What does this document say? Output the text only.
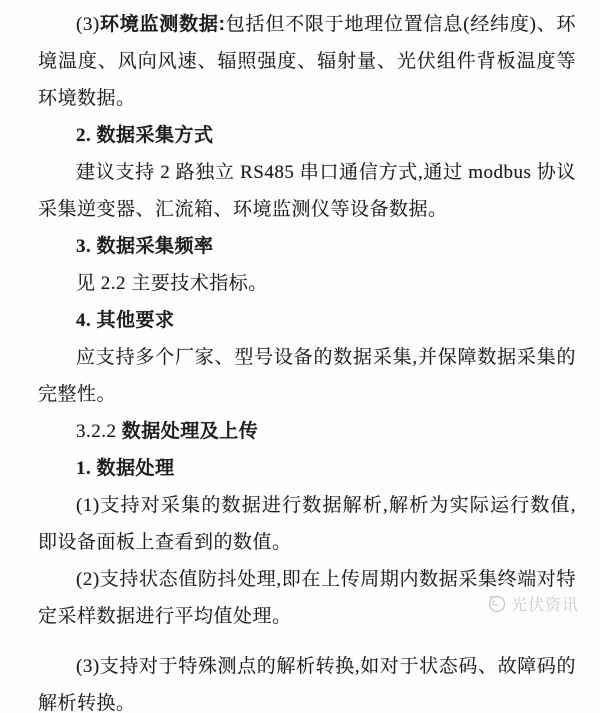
(3)环境监测数据:包括但不限于地理位置信息(经纬度)、环境温度、风向风速、辐照强度、辐射量、光伏组件背板温度等环境数据。

2. 数据采集方式

建议支持 2 路独立 RS485 串口通信方式,通过 modbus 协议采集逆变器、汇流箱、环境监测仪等设备数据。

3. 数据采集频率

见 2.2 主要技术指标。

4. 其他要求

应支持多个厂家、型号设备的数据采集,并保障数据采集的完整性。

3.2.2 数据处理及上传

1. 数据处理

(1)支持对采集的数据进行数据解析,解析为实际运行数值,即设备面板上查看到的数值。

(2)支持状态值防抖处理,即在上传周期内数据采集终端对特定采样数据进行平均值处理。

(3)支持对于特殊测点的解析转换,如对于状态码、故障码的解析转换。

光伏资讯
